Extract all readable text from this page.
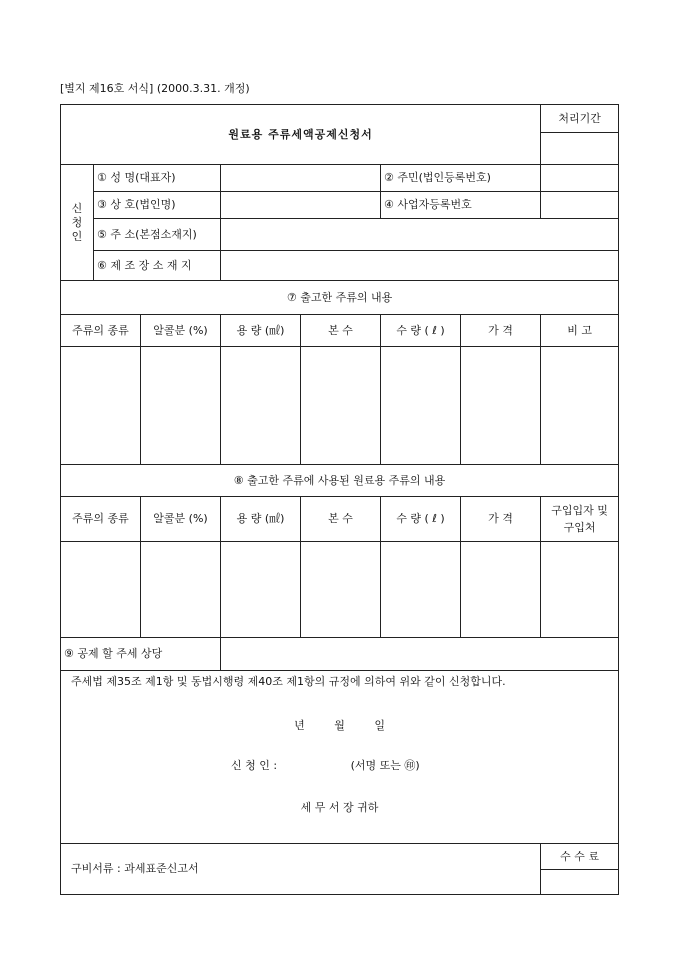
[별지 제16호 서식] (2000.3.31. 개정)
원료용 주류세액공제신청서							처리기간

신
청
인	① 성 명(대표자)				② 주민(법인등록번호)		
	③ 상 호(법인명)				④ 사업자등록번호		
	⑤ 주 소(본점소재지)						
	⑥ 제 조 장 소 재 지						
⑦ 출고한 주류의 내용							
주류의 종류		알콜분 (%)	용 량 (㎖)	본 수	수 량 ( ℓ )	가 격	비 고

⑧ 출고한 주류에 사용된 원료용 주류의 내용							
주류의 종류		알콜분 (%)	용 량 (㎖)	본 수	수 량 ( ℓ )	가 격	구입입자 및
구입처

⑨ 공제 할 주세 상당							

주세법 제35조 제1항 및 동법시행령 제40조 제1항의 규정에 의하여 위와 같이 신청합니다.
년 월 일
신 청 인 : (서명 또는 ㊞)
세 무 서 장 귀하							

구비서류 : 과세표준신고서							수 수 료
